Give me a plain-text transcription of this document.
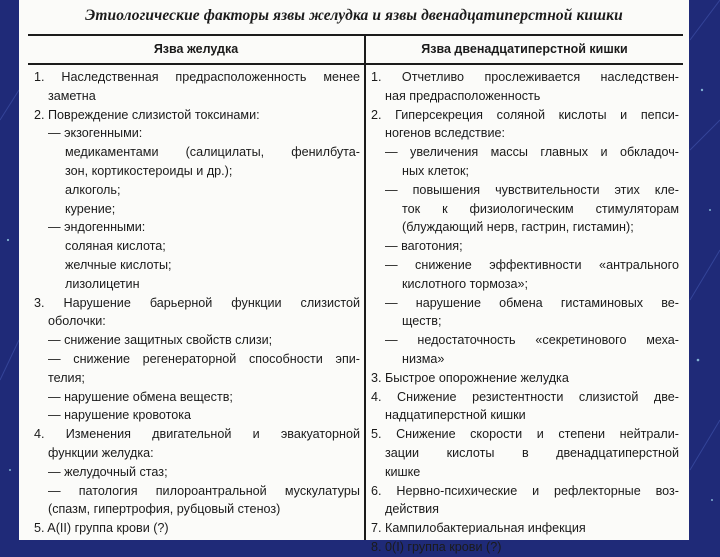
Этиологические факторы язвы желудка и язвы двенадцатиперстной кишки
Язва желудка	Язва двенадцатиперстной кишки
1. Наследственная предрасположенность менее
заметна
2. Повреждение слизистой токсинами:
— экзогенными:
медикаментами (салицилаты, фенилбута-
зон, кортикостероиды и др.);
алкоголь;
курение;
— эндогенными:
соляная кислота;
желчные кислоты;
лизолицетин
3. Нарушение барьерной функции слизистой
оболочки:
— снижение защитных свойств слизи;
— снижение регенераторной способности эпи-
телия;
— нарушение обмена веществ;
— нарушение кровотока
4. Изменения двигательной и эвакуаторной
функции желудка:
— желудочный стаз;
— патология пилороантральной мускулатуры
(спазм, гипертрофия, рубцовый стеноз)
5. A(II) группа крови (?)
1. Отчетливо прослеживается наследствен-
ная предрасположенность
2. Гиперсекреция соляной кислоты и пепси-
ногенов вследствие:
— увеличения массы главных и обкладоч-
ных клеток;
— повышения чувствительности этих кле-
ток к физиологическим стимуляторам
(блуждающий нерв, гастрин, гистамин);
— ваготония;
— снижение эффективности «антрального
кислотного тормоза»;
— нарушение обмена гистаминовых ве-
ществ;
— недостаточность «секретинового меха-
низма»
3. Быстрое опорожнение желудка
4. Снижение резистентности слизистой две-
надцатиперстной кишки
5. Снижение скорости и степени нейтрали-
зации кислоты в двенадцатиперстной
кишке
6. Нервно-психические и рефлекторные воз-
действия
7. Кампилобактериальная инфекция
8. 0(I) группа крови (?)
